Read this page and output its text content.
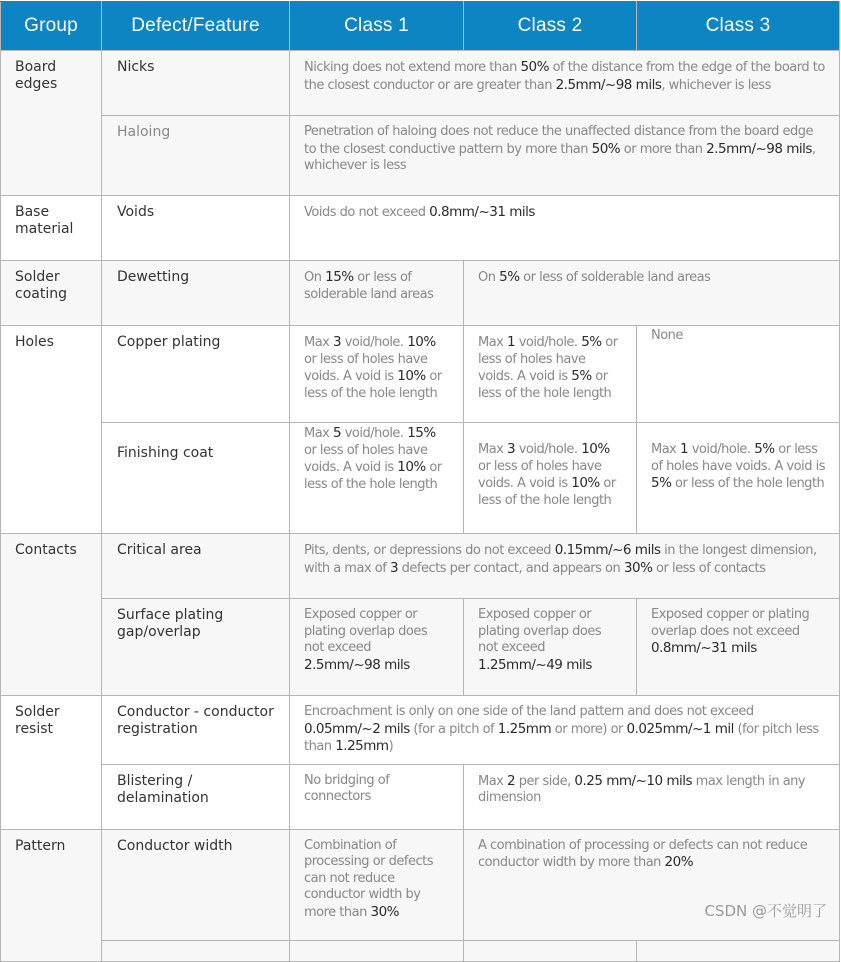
Group	Defect/Feature	Class 1	Class 2	Class 3
Board edges	Nicks	Nicking does not extend more than 50% of the distance from the edge of the board to the closest conductor or are greater than 2.5mm/~98 mils, whichever is less		
	Haloing	Penetration of haloing does not reduce the unaffected distance from the board edge to the closest conductive pattern by more than 50% or more than 2.5mm/~98 mils, whichever is less		
Base material	Voids	Voids do not exceed 0.8mm/~31 mils		
Solder coating	Dewetting	On 15% or less of solderable land areas	On 5% or less of solderable land areas	
Holes	Copper plating	Max 3 void/hole. 10% or less of holes have voids. A void is 10% or less of the hole length	Max 1 void/hole. 5% or less of holes have voids. A void is 5% or less of the hole length	None
	Finishing coat	Max 5 void/hole. 15% or less of holes have voids. A void is 10% or less of the hole length	Max 3 void/hole. 10% or less of holes have voids. A void is 10% or less of the hole length	Max 1 void/hole. 5% or less of holes have voids. A void is 5% or less of the hole length
Contacts	Critical area	Pits, dents, or depressions do not exceed 0.15mm/~6 mils in the longest dimension, with a max of 3 defects per contact, and appears on 30% or less of contacts		
	Surface plating gap/overlap	Exposed copper or plating overlap does not exceed 2.5mm/~98 mils	Exposed copper or plating overlap does not exceed 1.25mm/~49 mils	Exposed copper or plating overlap does not exceed 0.8mm/~31 mils
Solder resist	Conductor - conductor registration	Encroachment is only on one side of the land pattern and does not exceed 0.05mm/~2 mils (for a pitch of 1.25mm or more) or 0.025mm/~1 mil (for pitch less than 1.25mm)		
	Blistering / delamination	No bridging of connectors	Max 2 per side, 0.25 mm/~10 mils max length in any dimension	
Pattern	Conductor width	Combination of processing or defects can not reduce conductor width by more than 30%	A combination of processing or defects can not reduce conductor width by more than 20%	

CSDN @不觉明了
